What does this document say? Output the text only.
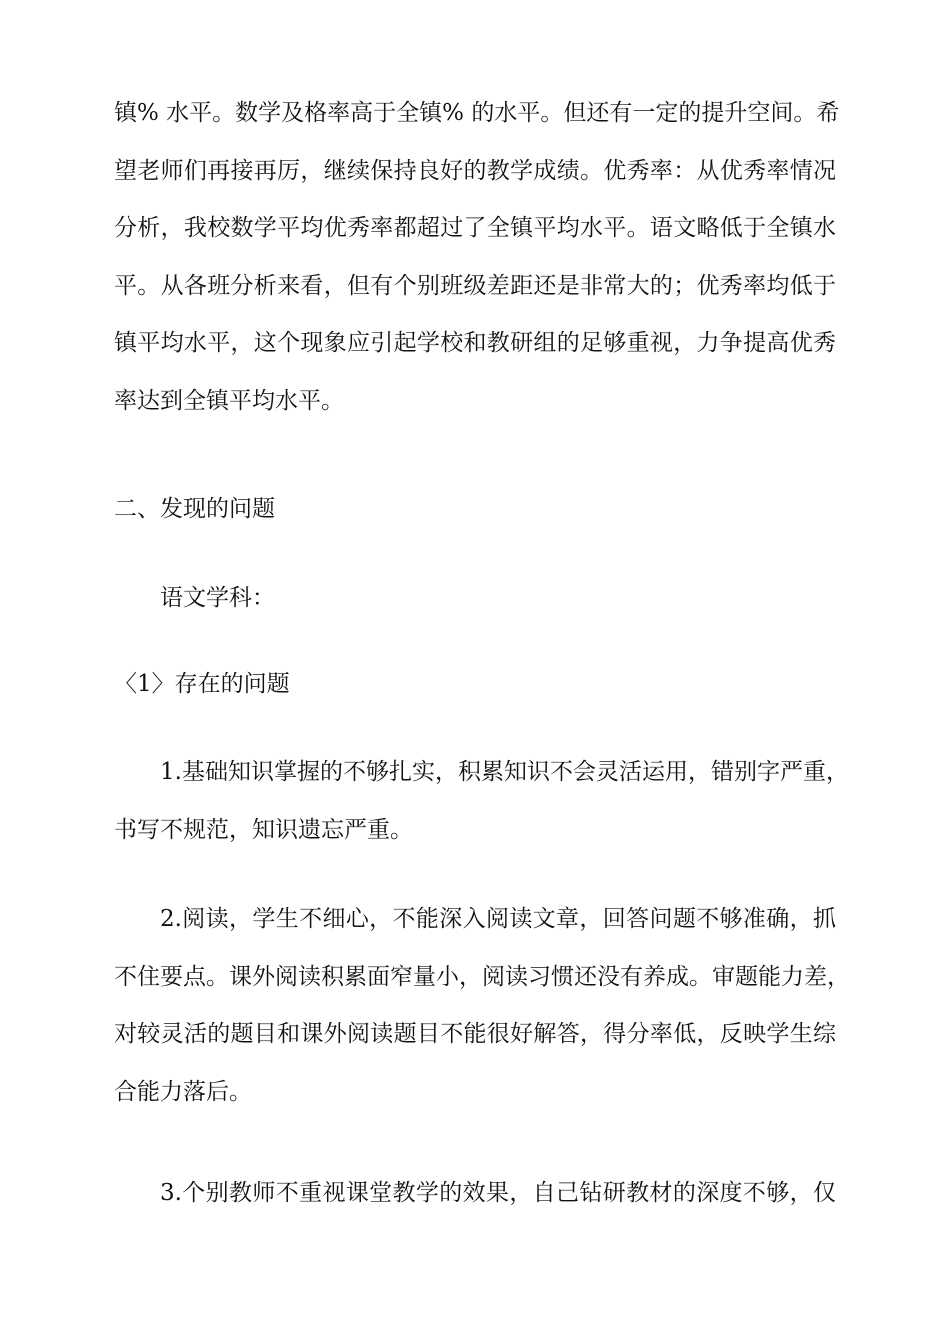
镇% 水平。数学及格率高于全镇% 的水平。但还有一定的提升空间。希
望老师们再接再厉，继续保持良好的教学成绩。优秀率：从优秀率情况
分析，我校数学平均优秀率都超过了全镇平均水平。语文略低于全镇水
平。从各班分析来看，但有个别班级差距还是非常大的；优秀率均低于
镇平均水平，这个现象应引起学校和教研组的足够重视，力争提高优秀
率达到全镇平均水平。
二、发现的问题
语文学科：
〈1〉存在的问题
1.基础知识掌握的不够扎实，积累知识不会灵活运用，错别字严重，
书写不规范，知识遗忘严重。
2.阅读，学生不细心，不能深入阅读文章，回答问题不够准确，抓
不住要点。课外阅读积累面窄量小，阅读习惯还没有养成。审题能力差，
对较灵活的题目和课外阅读题目不能很好解答，得分率低，反映学生综
合能力落后。
3.个别教师不重视课堂教学的效果，自己钻研教材的深度不够，仅
